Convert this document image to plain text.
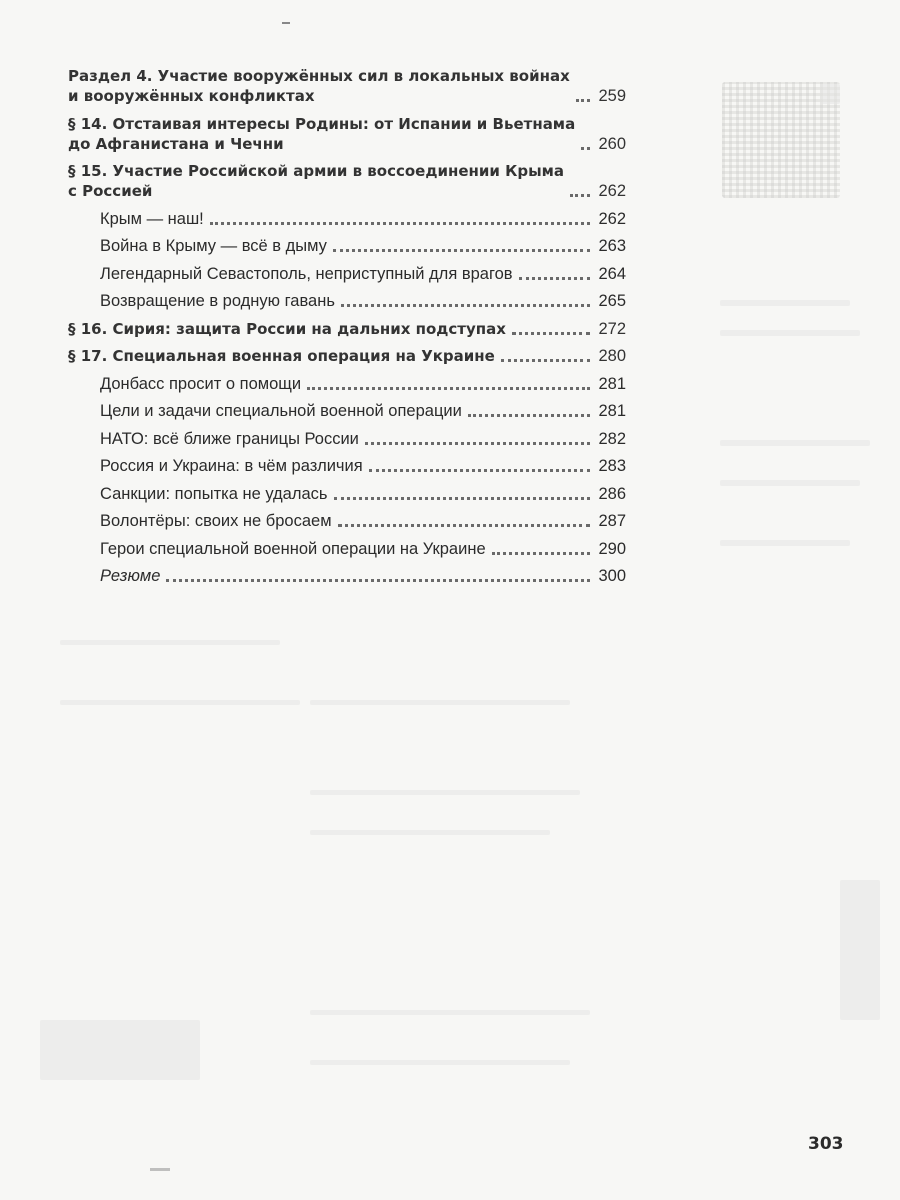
Раздел 4. Участие вооружённых сил в локальных войнах
и вооружённых конфликтах	259
§ 14. Отстаивая интересы Родины: от Испании и Вьетнама
до Афганистана и Чечни	260
§ 15. Участие Российской армии в воссоединении Крыма
с Россией	262
Крым — наш!	262
Война в Крыму — всё в дыму	263
Легендарный Севастополь, неприступный для врагов	264
Возвращение в родную гавань	265
§ 16. Сирия: защита России на дальних подступах	272
§ 17. Специальная военная операция на Украине	280
Донбасс просит о помощи	281
Цели и задачи специальной военной операции	281
НАТО: всё ближе границы России	282
Россия и Украина: в чём различия	283
Санкции: попытка не удалась	286
Волонтёры: своих не бросаем	287
Герои специальной военной операции на Украине	290
Резюме	300
303
